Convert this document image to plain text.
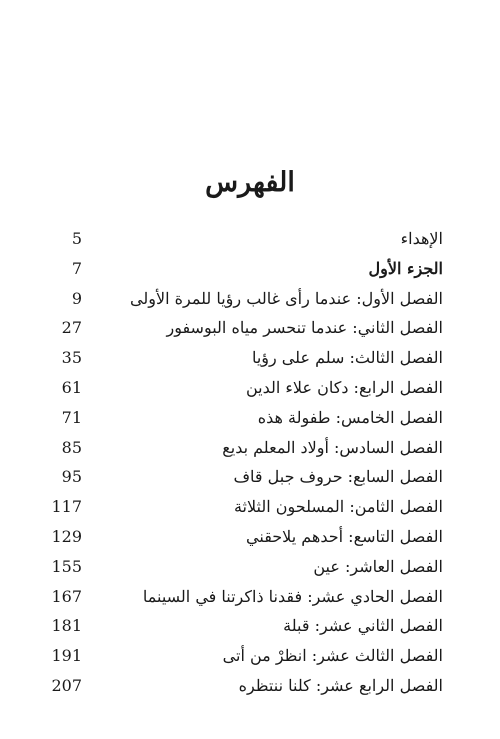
الفهرس
الإهداء
5
الجزء الأول
7
الفصل الأول: عندما رأى غالب رؤيا للمرة الأولى
9
الفصل الثاني: عندما تنحسر مياه البوسفور
27
الفصل الثالث: سلم على رؤيا
35
الفصل الرابع: دكان علاء الدين
61
الفصل الخامس: طفولة هذه
71
الفصل السادس: أولاد المعلم بديع
85
الفصل السابع: حروف جبل قاف
95
الفصل الثامن: المسلحون الثلاثة
117
الفصل التاسع: أحدهم يلاحقني
129
الفصل العاشر: عين
155
الفصل الحادي عشر: فقدنا ذاكرتنا في السينما
167
الفصل الثاني عشر: قبلة
181
الفصل الثالث عشر: انظرْ من أتى
191
الفصل الرابع عشر: كلنا ننتظره
207
